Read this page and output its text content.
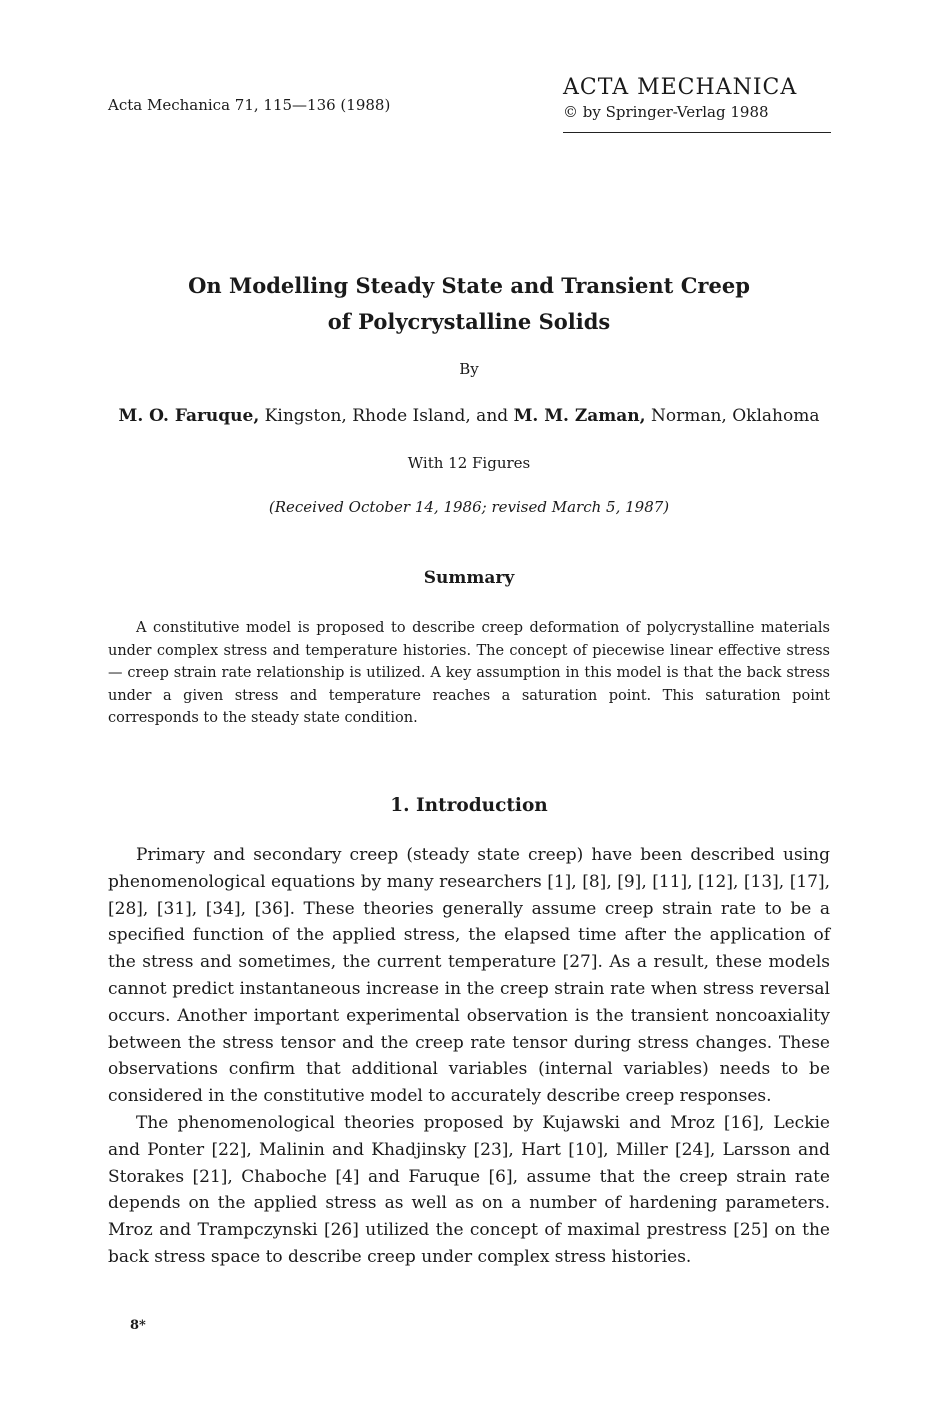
Acta Mechanica 71, 115—136 (1988)
ACTA MECHANICA
© by Springer-Verlag 1988
On Modelling Steady State and Transient Creep
of Polycrystalline Solids
By
M. O. Faruque, Kingston, Rhode Island, and M. M. Zaman, Norman, Oklahoma
With 12 Figures
(Received October 14, 1986; revised March 5, 1987)
Summary

A constitutive model is proposed to describe creep deformation of polycrystalline materials under complex stress and temperature histories. The concept of piecewise linear effective stress — creep strain rate relationship is utilized. A key assumption in this model is that the back stress under a given stress and temperature reaches a saturation point. This saturation point corresponds to the steady state condition.

1. Introduction

Primary and secondary creep (steady state creep) have been described using phenomenological equations by many researchers [1], [8], [9], [11], [12], [13], [17], [28], [31], [34], [36]. These theories generally assume creep strain rate to be a specified function of the applied stress, the elapsed time after the application of the stress and sometimes, the current temperature [27]. As a result, these models cannot predict instantaneous increase in the creep strain rate when stress reversal occurs. Another important experimental observation is the transient noncoaxiality between the stress tensor and the creep rate tensor during stress changes. These observations confirm that additional variables (internal variables) needs to be considered in the constitutive model to accurately describe creep responses.

The phenomenological theories proposed by Kujawski and Mroz [16], Leckie and Ponter [22], Malinin and Khadjinsky [23], Hart [10], Miller [24], Larsson and Storakes [21], Chaboche [4] and Faruque [6], assume that the creep strain rate depends on the applied stress as well as on a number of hardening parameters. Mroz and Trampczynski [26] utilized the concept of maximal prestress [25] on the back stress space to describe creep under complex stress histories.

8*
